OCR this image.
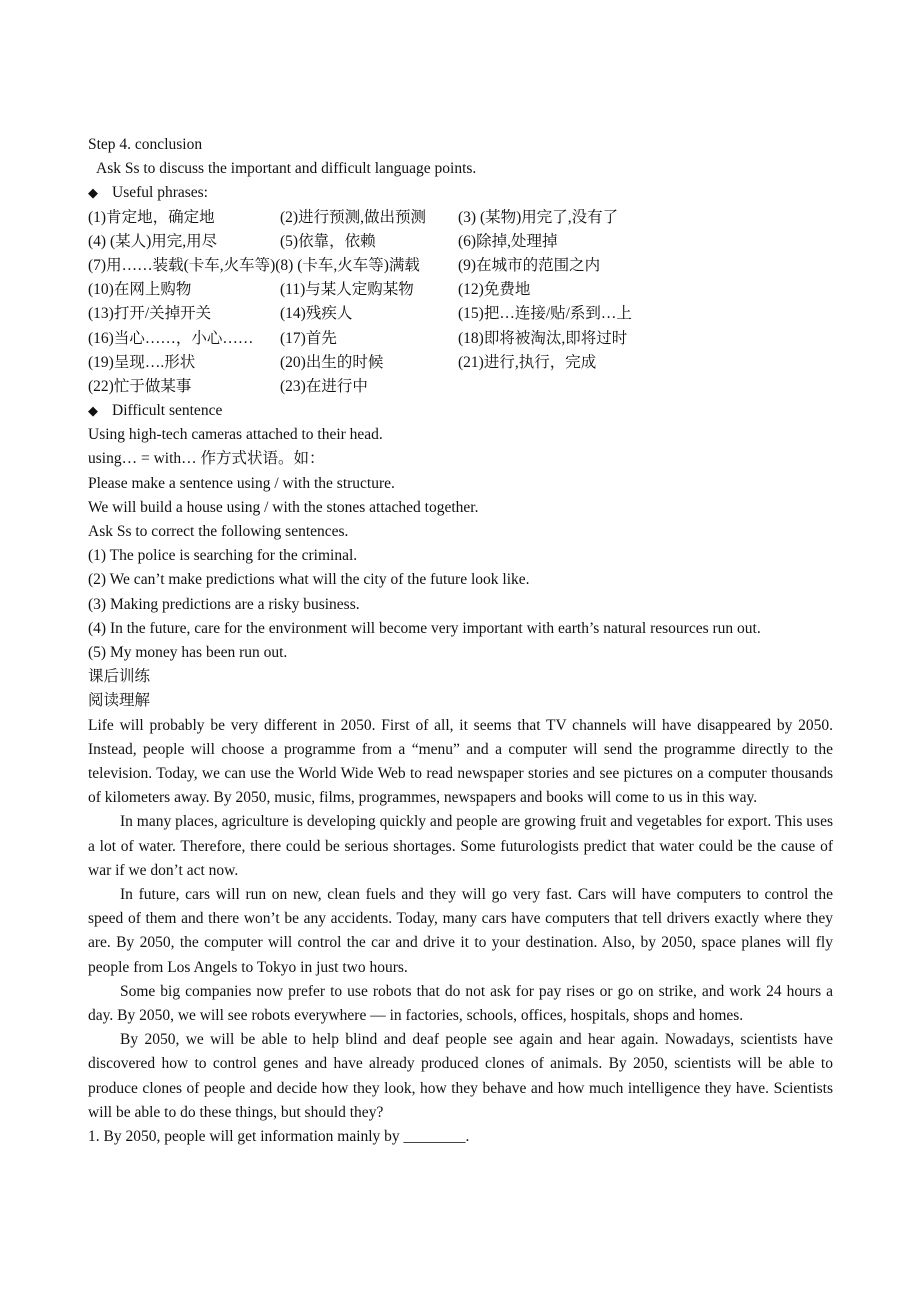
Step 4. conclusion
Ask Ss to discuss the important and difficult language points.
◆ Useful phrases:
(1)肯定地，确定地	(2)进行预测,做出预测	(3) (某物)用完了,没有了
(4) (某人)用完,用尽	(5)依靠，依赖	(6)除掉,处理掉
(7)用……装载(卡车,火车等)(8) (卡车,火车等)满载	(9)在城市的范围之内
(10)在网上购物	(11)与某人定购某物	(12)免费地
(13)打开/关掉开关	(14)残疾人	(15)把…连接/贴/系到…上
(16)当心……，小心……	(17)首先	(18)即将被淘汰,即将过时
(19)呈现….形状	(20)出生的时候	(21)进行,执行，完成
(22)忙于做某事	(23)在进行中
◆ Difficult sentence
Using high-tech cameras attached to their head.
using… = with… 作方式状语。如：
Please make a sentence using / with the structure.
We will build a house using / with the stones attached together.
Ask Ss to correct the following sentences.
(1) The police is searching for the criminal.
(2) We can’t make predictions what will the city of the future look like.
(3) Making predictions are a risky business.
(4) In the future, care for the environment will become very important with earth’s natural resources run out.
(5) My money has been run out.
课后训练
阅读理解
Life will probably be very different in 2050. First of all, it seems that TV channels will have disappeared by 2050. Instead, people will choose a programme from a “menu” and a computer will send the programme directly to the television. Today, we can use the World Wide Web to read newspaper stories and see pictures on a computer thousands of kilometers away. By 2050, music, films, programmes, newspapers and books will come to us in this way.
In many places, agriculture is developing quickly and people are growing fruit and vegetables for export. This uses a lot of water. Therefore, there could be serious shortages. Some futurologists predict that water could be the cause of war if we don’t act now.
In future, cars will run on new, clean fuels and they will go very fast. Cars will have computers to control the speed of them and there won’t be any accidents. Today, many cars have computers that tell drivers exactly where they are. By 2050, the computer will control the car and drive it to your destination. Also, by 2050, space planes will fly people from Los Angels to Tokyo in just two hours.
Some big companies now prefer to use robots that do not ask for pay rises or go on strike, and work 24 hours a day. By 2050, we will see robots everywhere — in factories, schools, offices, hospitals, shops and homes.
By 2050, we will be able to help blind and deaf people see again and hear again. Nowadays, scientists have discovered how to control genes and have already produced clones of animals. By 2050, scientists will be able to produce clones of people and decide how they look, how they behave and how much intelligence they have. Scientists will be able to do these things, but should they?
1. By 2050, people will get information mainly by ________.
